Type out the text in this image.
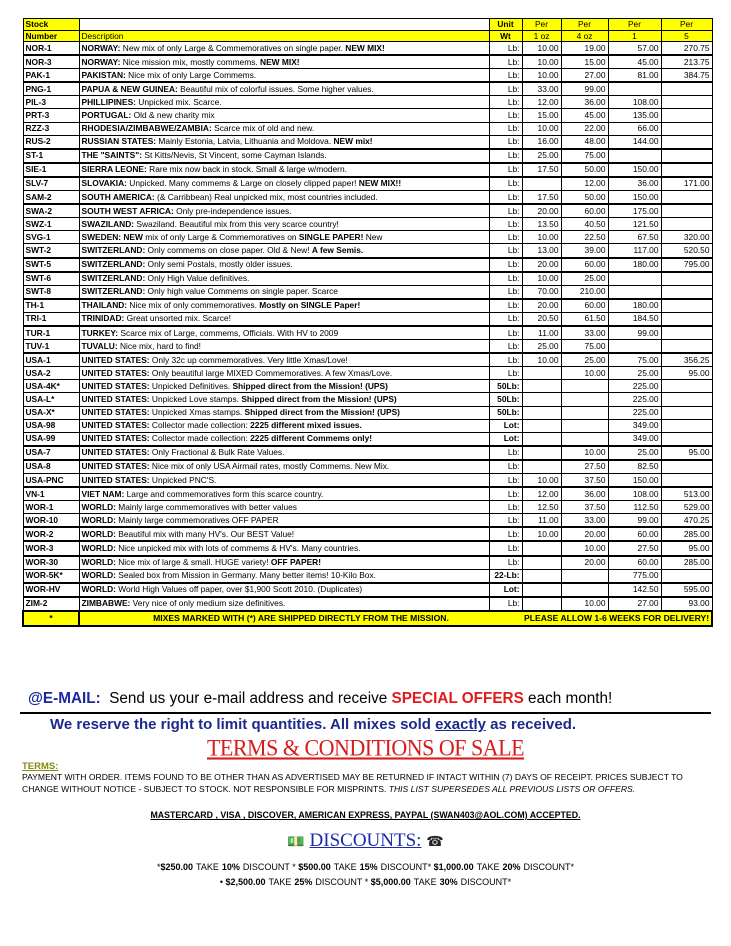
Stock		Unit	Per	Per	Per	Per
Number	Description	Wt	1 oz	4 oz	1	5
NOR-1	NORWAY: New mix of only Large & Commemoratives on single paper. NEW MIX!	Lb:	10.00	19.00	57.00	270.75
NOR-3	NORWAY: Nice mission mix, mostly commems. NEW MIX!	Lb:	10.00	15.00	45.00	213.75
PAK-1	PAKISTAN: Nice mix of only Large Commems.	Lb:	10.00	27.00	81.00	384.75
PNG-1	PAPUA & NEW GUINEA: Beautiful mix of colorful issues. Some higher values.	Lb:	33.00	99.00		
PIL-3	PHILLIPINES: Unpicked mix. Scarce.	Lb:	12.00	36.00	108.00	
PRT-3	PORTUGAL: Old & new charity mix	Lb:	15.00	45.00	135.00	
RZZ-3	RHODESIA/ZIMBABWE/ZAMBIA: Scarce mix of old and new.	Lb:	10.00	22.00	66.00	
RUS-2	RUSSIAN STATES: Mainly Estonia, Latvia, Lithuania and Moldova. NEW mix!	Lb:	16.00	48.00	144.00	
ST-1	THE "SAINTS": St Kitts/Nevis, St Vincent, some Cayman Islands.	Lb:	25.00	75.00		
SIE-1	SIERRA LEONE: Rare mix now back in stock. Small & large w/modern.	Lb:	17.50	50.00	150.00	
SLV-7	SLOVAKIA: Unpicked. Many commems & Large on closely clipped paper! NEW MIX!!	Lb:		12.00	36.00	171.00
SAM-2	SOUTH AMERICA: (& Carribbean) Real unpicked mix, most countries included.	Lb:	17.50	50.00	150.00	
SWA-2	SOUTH WEST AFRICA: Only pre-independence issues.	Lb:	20.00	60.00	175.00	
SWZ-1	SWAZILAND: Swaziland. Beautiful mix from this very scarce country!	Lb:	13.50	40.50	121.50	
SVG-1	SWEDEN: NEW mix of only Large & Commemoratives on SINGLE PAPER! New	Lb:	10.00	22.50	67.50	320.00
SWT-2	SWITZERLAND: Only commems on close paper. Old & New! A few Semis.	Lb:	13.00	39.00	117.00	520.50
SWT-5	SWITZERLAND: Only semi Postals, mostly older issues.	Lb:	20.00	60.00	180.00	795.00
SWT-6	SWITZERLAND: Only High Value definitives.	Lb:	10.00	25.00		
SWT-8	SWITZERLAND: Only high value Commems on single paper. Scarce	Lb:	70.00	210.00		
TH-1	THAILAND: Nice mix of only commemoratives. Mostly on SINGLE Paper!	Lb:	20.00	60.00	180.00	
TRI-1	TRINIDAD: Great unsorted mix. Scarce!	Lb:	20.50	61.50	184.50	
TUR-1	TURKEY: Scarce mix of Large, commems, Officials. With HV to 2009	Lb:	11.00	33.00	99.00	
TUV-1	TUVALU: Nice mix, hard to find!	Lb:	25.00	75.00		
USA-1	UNITED STATES: Only 32c up commemoratives. Very little Xmas/Love!	Lb:	10.00	25.00	75.00	356.25
USA-2	UNITED STATES: Only beautiful large MIXED Commemoratives. A few Xmas/Love.	Lb:		10.00	25.00	95.00
USA-4K*	UNITED STATES: Unpicked Definitives. Shipped direct from the Mission! (UPS)	50Lb:			225.00	
USA-L*	UNITED STATES: Unpicked Love stamps. Shipped direct from the Mission! (UPS)	50Lb:			225.00	
USA-X*	UNITED STATES: Unpicked Xmas stamps. Shipped direct from the Mission! (UPS)	50Lb:			225.00	
USA-98	UNITED STATES: Collector made collection: 2225 different mixed issues.	Lot:			349.00	
USA-99	UNITED STATES: Collector made collection: 2225 different Commems only!	Lot:			349.00	
USA-7	UNITED STATES: Only Fractional & Bulk Rate Values.	Lb:		10.00	25.00	95.00
USA-8	UNITED STATES: Nice mix of only USA Airmail rates, mostly Commems. New Mix.	Lb:		27.50	82.50	
USA-PNC	UNITED STATES: Unpicked PNC'S.	Lb:	10.00	37.50	150.00	
VN-1	VIET NAM: Large and commemoratives form this scarce country.	Lb:	12.00	36.00	108.00	513.00
WOR-1	WORLD: Mainly large commemoratives with better values	Lb:	12.50	37.50	112.50	529.00
WOR-10	WORLD: Mainly large commemoratives OFF PAPER	Lb:	11.00	33.00	99.00	470.25
WOR-2	WORLD: Beautiful mix with many HV's. Our BEST Value!	Lb:	10.00	20.00	60.00	285.00
WOR-3	WORLD: Nice unpicked mix with lots of commems & HV's. Many countries.	Lb:		10.00	27.50	95.00
WOR-30	WORLD: Nice mix of large & small. HUGE variety! OFF PAPER!	Lb:		20.00	60.00	285.00
WOR-5K*	WORLD: Sealed box from Mission in Germany. Many better items! 10-Kilo Box.	22-Lb:			775.00	
WOR-HV	WORLD: World High Values off paper, over $1,900 Scott 2010. (Duplicates)	Lot:			142.50	595.00
ZIM-2	ZIMBABWE: Very nice of only medium size definitives.	Lb:		10.00	27.00	93.00
*	MIXES MARKED WITH (*) ARE SHIPPED DIRECTLY FROM THE MISSION.		PLEASE ALLOW 1-6 WEEKS FOR DELIVERY!			
@E-MAIL:  Send us your e-mail address and receive SPECIAL OFFERS each month!
We reserve the right to limit quantities. All mixes sold exactly as received.
TERMS & CONDITIONS OF SALE
TERMS:
PAYMENT WITH ORDER. ITEMS FOUND TO BE OTHER THAN AS ADVERTISED MAY BE RETURNED IF INTACT WITHIN (7) DAYS OF RECEIPT. PRICES SUBJECT TO CHANGE WITHOUT NOTICE - SUBJECT TO STOCK. NOT RESPONSIBLE FOR MISPRINTS. THIS LIST SUPERSEDES ALL PREVIOUS LISTS OR OFFERS.
MASTERCARD , VISA , DISCOVER, AMERICAN EXPRESS, PAYPAL (SWAN403@AOL.COM) ACCEPTED.
💵 DISCOUNTS: ☎
*$250.00 TAKE 10% DISCOUNT * $500.00 TAKE 15% DISCOUNT* $1,000.00 TAKE 20% DISCOUNT*
• $2,500.00 TAKE 25% DISCOUNT * $5,000.00 TAKE 30% DISCOUNT*
